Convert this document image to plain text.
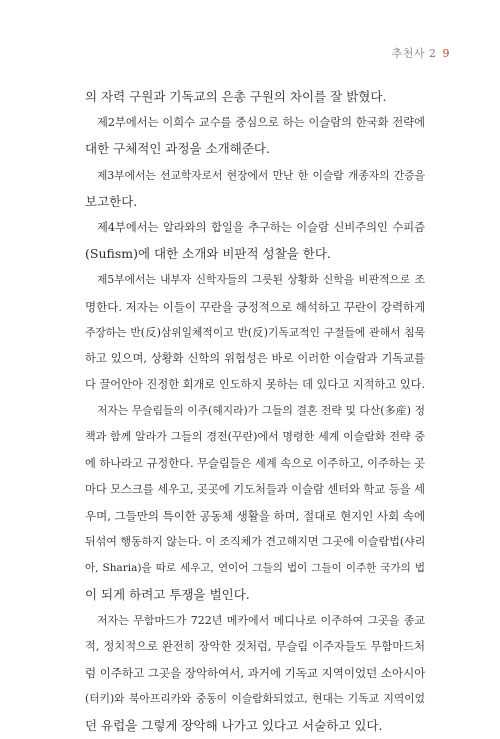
추천사 2 9
의 자력 구원과 기독교의 은총 구원의 차이를 잘 밝혔다.
제2부에서는 이희수 교수를 중심으로 하는 이슬람의 한국화 전략에
대한 구체적인 과정을 소개해준다.
제3부에서는 선교학자로서 현장에서 만난 한 이슬람 개종자의 간증을
보고한다.
제4부에서는 알라와의 합일을 추구하는 이슬람 신비주의인 수피즘
(Sufism)에 대한 소개와 비판적 성찰을 한다.
제5부에서는 내부자 신학자들의 그릇된 상황화 신학을 비판적으로 조
명한다. 저자는 이들이 꾸란을 긍정적으로 해석하고 꾸란이 강력하게
주장하는 반(反)삼위일체적이고 반(反)기독교적인 구절들에 관해서 침묵
하고 있으며, 상황화 신학의 위험성은 바로 이러한 이슬람과 기독교를
다 끌어안아 진정한 회개로 인도하지 못하는 데 있다고 지적하고 있다.
저자는 무슬림들의 이주(헤지라)가 그들의 결혼 전략 및 다산(多産) 정
책과 함께 알라가 그들의 경전(꾸란)에서 명령한 세계 이슬람화 전략 중
에 하나라고 규정한다. 무슬림들은 세계 속으로 이주하고, 이주하는 곳
마다 모스크를 세우고, 곳곳에 기도처들과 이슬람 센터와 학교 등을 세
우며, 그들만의 특이한 공동체 생활을 하며, 절대로 현지인 사회 속에
뒤섞여 행동하지 않는다. 이 조직체가 견고해지면 그곳에 이슬람법(샤리
아, Sharia)을 따로 세우고, 연이어 그들의 법이 그들이 이주한 국가의 법
이 되게 하려고 투쟁을 벌인다.
저자는 무함마드가 722년 메카에서 메디나로 이주하여 그곳을 종교
적, 정치적으로 완전히 장악한 것처럼, 무슬림 이주자들도 무함마드처
럼 이주하고 그곳을 장악하여서, 과거에 기독교 지역이었던 소아시아
(터키)와 북아프리카와 중동이 이슬람화되었고, 현대는 기독교 지역이었
던 유럽을 그렇게 장악해 나가고 있다고 서술하고 있다.
